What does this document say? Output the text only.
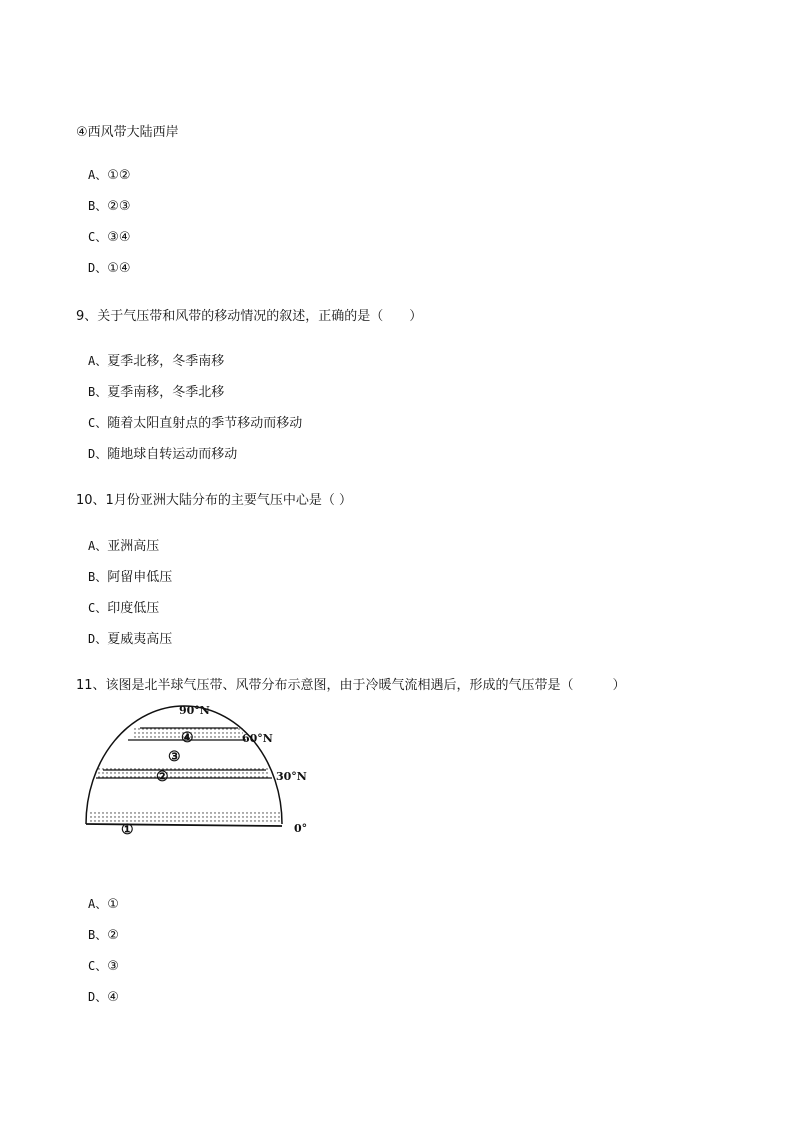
④西风带大陆西岸
A、①②
B、②③
C、③④
D、①④
9、关于气压带和风带的移动情况的叙述，正确的是（　　）
A、夏季北移，冬季南移
B、夏季南移，冬季北移
C、随着太阳直射点的季节移动而移动
D、随地球自转运动而移动
10、1月份亚洲大陆分布的主要气压中心是（ ）
A、亚洲高压
B、阿留申低压
C、印度低压
D、夏威夷高压
11、该图是北半球气压带、风带分布示意图，由于冷暖气流相遇后，形成的气压带是（　　　）
90°N
60°N
30°N
0°
④
③
②
①
A、①
B、②
C、③
D、④
